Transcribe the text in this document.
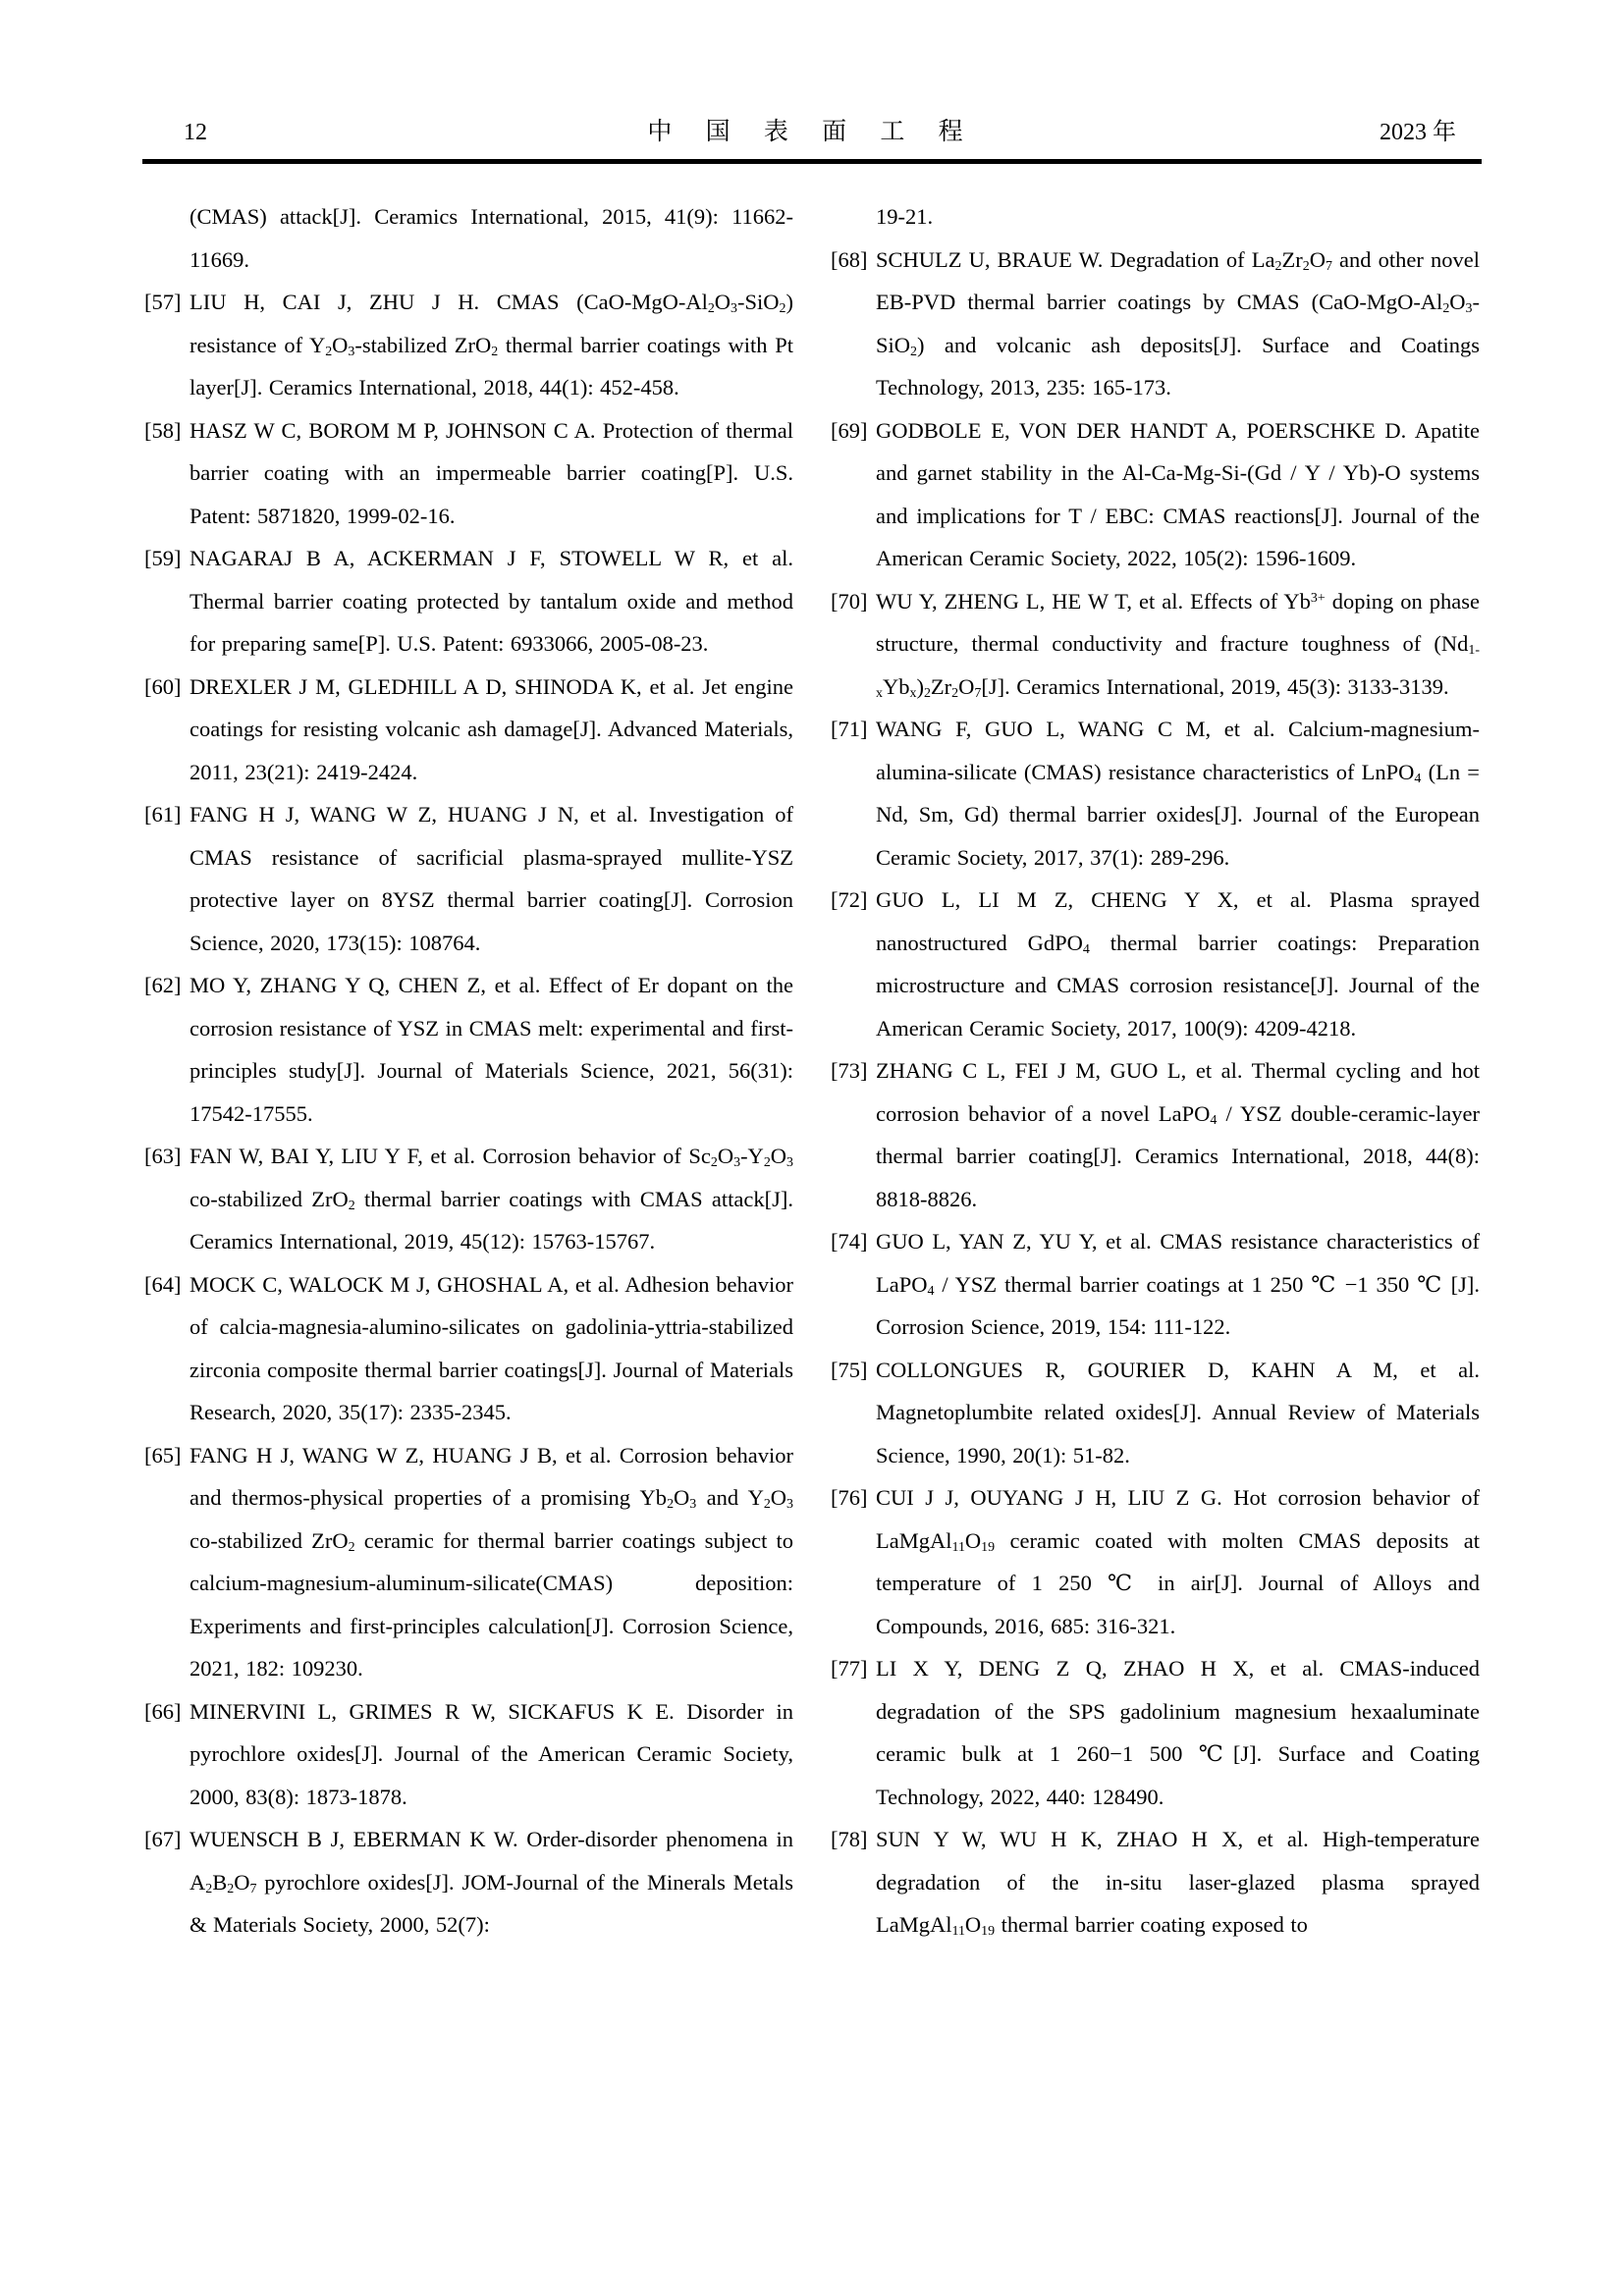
12	中 国 表 面 工 程	2023 年
(CMAS) attack[J]. Ceramics International, 2015, 41(9): 11662-11669.
[57] LIU H, CAI J, ZHU J H. CMAS $(CaO-MgO-Al_2O_3-SiO_2)$ resistance of $Y_2O_3$-stabilized ZrO$_2$ thermal barrier coatings with Pt layer[J]. Ceramics International, 2018, 44(1): 452-458.
[58] HASZ W C, BOROM M P, JOHNSON C A. Protection of thermal barrier coating with an impermeable barrier coating[P]. U.S. Patent: 5871820, 1999-02-16.
[59] NAGARAJ B A, ACKERMAN J F, STOWELL W R, et al. Thermal barrier coating protected by tantalum oxide and method for preparing same[P]. U.S. Patent: 6933066, 2005-08-23.
[60] DREXLER J M, GLEDHILL A D, SHINODA K, et al. Jet engine coatings for resisting volcanic ash damage[J]. Advanced Materials, 2011, 23(21): 2419-2424.
[61] FANG H J, WANG W Z, HUANG J N, et al. Investigation of CMAS resistance of sacrificial plasma-sprayed mullite-YSZ protective layer on 8YSZ thermal barrier coating[J]. Corrosion Science, 2020, 173(15): 108764.
[62] MO Y, ZHANG Y Q, CHEN Z, et al. Effect of Er dopant on the corrosion resistance of YSZ in CMAS melt: experimental and first-principles study[J]. Journal of Materials Science, 2021, 56(31): 17542-17555.
[63] FAN W, BAI Y, LIU Y F, et al. Corrosion behavior of $Sc_2O_3-Y_2O_3$ co-stabilized ZrO$_2$ thermal barrier coatings with CMAS attack[J]. Ceramics International, 2019, 45(12): 15763-15767.
[64] MOCK C, WALOCK M J, GHOSHAL A, et al. Adhesion behavior of calcia-magnesia-alumino-silicates on gadolinia-yttria-stabilized zirconia composite thermal barrier coatings[J]. Journal of Materials Research, 2020, 35(17): 2335-2345.
[65] FANG H J, WANG W Z, HUANG J B, et al. Corrosion behavior and thermos-physical properties of a promising $Yb_2O_3$ and $Y_2O_3$ co-stabilized ZrO$_2$ ceramic for thermal barrier coatings subject to calcium-magnesium-aluminum-silicate(CMAS) deposition: Experiments and first-principles calculation[J]. Corrosion Science, 2021, 182: 109230.
[66] MINERVINI L, GRIMES R W, SICKAFUS K E. Disorder in pyrochlore oxides[J]. Journal of the American Ceramic Society, 2000, 83(8): 1873-1878.
[67] WUENSCH B J, EBERMAN K W. Order-disorder phenomena in $A_2B_2O_7$ pyrochlore oxides[J]. JOM-Journal of the Minerals Metals & Materials Society, 2000, 52(7):
19-21.
[68] SCHULZ U, BRAUE W. Degradation of $La_2Zr_2O_7$ and other novel EB-PVD thermal barrier coatings by CMAS $(CaO-MgO-Al_2O_3-SiO_2)$ and volcanic ash deposits[J]. Surface and Coatings Technology, 2013, 235: 165-173.
[69] GODBOLE E, VON DER HANDT A, POERSCHKE D. Apatite and garnet stability in the Al-Ca-Mg-Si-(Gd / Y / Yb)-O systems and implications for T / EBC: CMAS reactions[J]. Journal of the American Ceramic Society, 2022, 105(2): 1596-1609.
[70] WU Y, ZHENG L, HE W T, et al. Effects of $Yb^{3+}$ doping on phase structure, thermal conductivity and fracture toughness of $(Nd_{1-x}Yb_x)_2Zr_2O_7[J]$. Ceramics International, 2019, 45(3): 3133-3139.
[71] WANG F, GUO L, WANG C M, et al. Calcium-magnesium-alumina-silicate (CMAS) resistance characteristics of LnPO$_4$ (Ln = Nd, Sm, Gd) thermal barrier oxides[J]. Journal of the European Ceramic Society, 2017, 37(1): 289-296.
[72] GUO L, LI M Z, CHENG Y X, et al. Plasma sprayed nanostructured GdPO$_4$ thermal barrier coatings: Preparation microstructure and CMAS corrosion resistance[J]. Journal of the American Ceramic Society, 2017, 100(9): 4209-4218.
[73] ZHANG C L, FEI J M, GUO L, et al. Thermal cycling and hot corrosion behavior of a novel LaPO$_4$ / YSZ double-ceramic-layer thermal barrier coating[J]. Ceramics International, 2018, 44(8): 8818-8826.
[74] GUO L, YAN Z, YU Y, et al. CMAS resistance characteristics of LaPO$_4$ / YSZ thermal barrier coatings at 1 250 ℃ −1 350 ℃ [J]. Corrosion Science, 2019, 154: 111-122.
[75] COLLONGUES R, GOURIER D, KAHN A M, et al. Magnetoplumbite related oxides[J]. Annual Review of Materials Science, 1990, 20(1): 51-82.
[76] CUI J J, OUYANG J H, LIU Z G. Hot corrosion behavior of $LaMgAl_{11}O_{19}$ ceramic coated with molten CMAS deposits at temperature of 1 250 ℃ in air[J]. Journal of Alloys and Compounds, 2016, 685: 316-321.
[77] LI X Y, DENG Z Q, ZHAO H X, et al. CMAS-induced degradation of the SPS gadolinium magnesium hexaaluminate ceramic bulk at 1 260−1 500 ℃[J]. Surface and Coating Technology, 2022, 440: 128490.
[78] SUN Y W, WU H K, ZHAO H X, et al. High-temperature degradation of the in-situ laser-glazed plasma sprayed $LaMgAl_{11}O_{19}$ thermal barrier coating exposed to
